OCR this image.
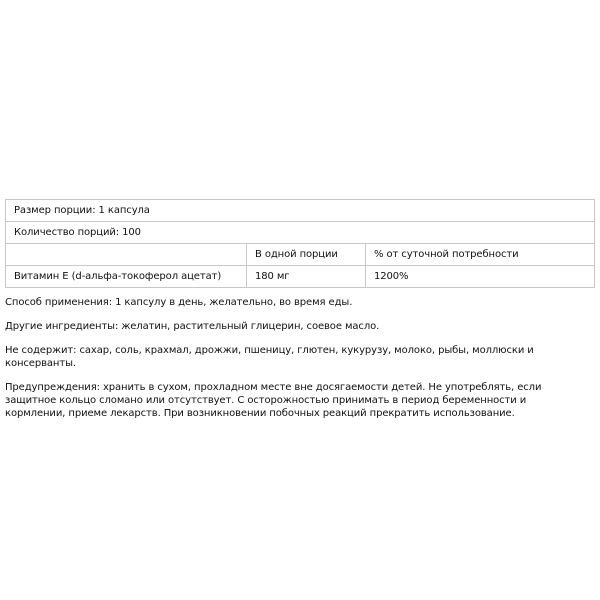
Размер порции: 1 капсула		
Количество порций: 100		
	В одной порции	% от суточной потребности
Витамин E (d-альфа-токоферол ацетат)	180 мг	1200%

Способ применения: 1 капсулу в день, желательно, во время еды.

Другие ингредиенты: желатин, растительный глицерин, соевое масло.

Не содержит: сахар, соль, крахмал, дрожжи, пшеницу, глютен, кукурузу, молоко, рыбы, моллюски и консерванты.

Предупреждения: хранить в сухом, прохладном месте вне досягаемости детей. Не употреблять, если защитное кольцо сломано или отсутствует. С осторожностью принимать в период беременности и кормлении, приеме лекарств. При возникновении побочных реакций прекратить использование.
